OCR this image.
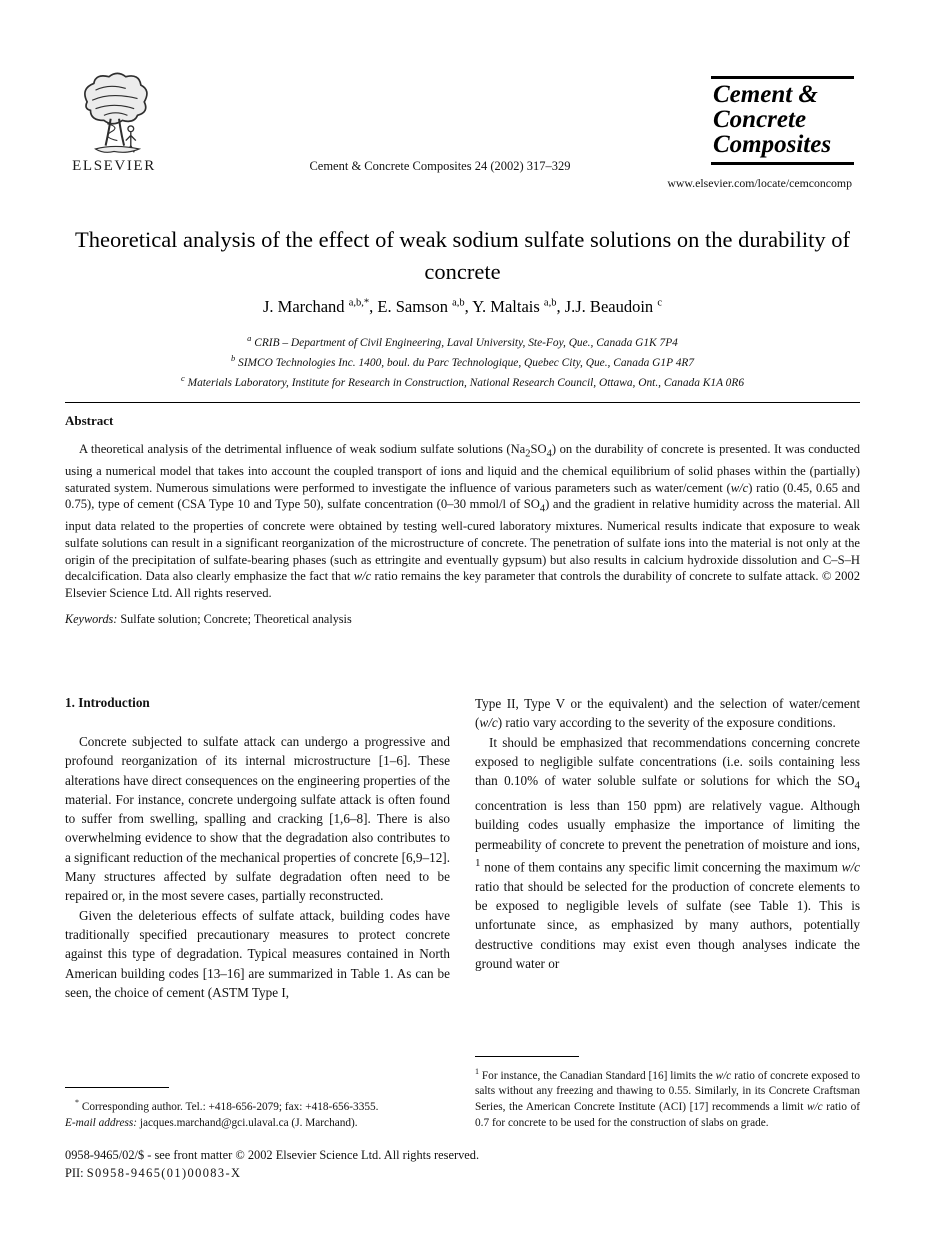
ELSEVIER	Cement & Concrete Composites 24 (2002) 317–329
Cement &
Concrete
Composites
www.elsevier.com/locate/cemconcomp
Theoretical analysis of the effect of weak sodium sulfate solutions on the durability of concrete
J. Marchand $^{a,b,*}$, E. Samson $^{a,b}$, Y. Maltais $^{a,b}$, J.J. Beaudoin $^c$
$^a$ CRIB – Department of Civil Engineering, Laval University, Ste-Foy, Que., Canada G1K 7P4
$^b$ SIMCO Technologies Inc. 1400, boul. du Parc Technologique, Quebec City, Que., Canada G1P 4R7
$^c$ Materials Laboratory, Institute for Research in Construction, National Research Council, Ottawa, Ont., Canada K1A 0R6
Abstract
A theoretical analysis of the detrimental influence of weak sodium sulfate solutions $(Na_2SO_4)$ on the durability of concrete is presented. It was conducted using a numerical model that takes into account the coupled transport of ions and liquid and the chemical equilibrium of solid phases within the (partially) saturated system. Numerous simulations were performed to investigate the influence of various parameters such as water/cement (w/c) ratio (0.45, 0.65 and 0.75), type of cement (CSA Type 10 and Type 50), sulfate concentration (0–30 mmol/l of $SO_4$) and the gradient in relative humidity across the material. All input data related to the properties of concrete were obtained by testing well-cured laboratory mixtures. Numerical results indicate that exposure to weak sulfate solutions can result in a significant reorganization of the microstructure of concrete. The penetration of sulfate ions into the material is not only at the origin of the precipitation of sulfate-bearing phases (such as ettringite and eventually gypsum) but also results in calcium hydroxide dissolution and C–S–H decalcification. Data also clearly emphasize the fact that w/c ratio remains the key parameter that controls the durability of concrete to sulfate attack. © 2002 Elsevier Science Ltd. All rights reserved.
Keywords: Sulfate solution; Concrete; Theoretical analysis
1. Introduction

Concrete subjected to sulfate attack can undergo a progressive and profound reorganization of its internal microstructure [1–6]. These alterations have direct consequences on the engineering properties of the material. For instance, concrete undergoing sulfate attack is often found to suffer from swelling, spalling and cracking [1,6–8]. There is also overwhelming evidence to show that the degradation also contributes to a significant reduction of the mechanical properties of concrete [6,9–12]. Many structures affected by sulfate degradation often need to be repaired or, in the most severe cases, partially reconstructed.

Given the deleterious effects of sulfate attack, building codes have traditionally specified precautionary measures to protect concrete against this type of degradation. Typical measures contained in North American building codes [13–16] are summarized in Table 1. As can be seen, the choice of cement (ASTM Type I,

* Corresponding author. Tel.: +418-656-2079; fax: +418-656-3355.
E-mail address: jacques.marchand@gci.ulaval.ca (J. Marchand).

Type II, Type V or the equivalent) and the selection of water/cement (w/c) ratio vary according to the severity of the exposure conditions.

It should be emphasized that recommendations concerning concrete exposed to negligible sulfate concentrations (i.e. soils containing less than 0.10% of water soluble sulfate or solutions for which the $SO_4$ concentration is less than 150 ppm) are relatively vague. Although building codes usually emphasize the importance of limiting the permeability of concrete to prevent the penetration of moisture and ions, $^1$ none of them contains any specific limit concerning the maximum w/c ratio that should be selected for the production of concrete elements to be exposed to negligible levels of sulfate (see Table 1). This is unfortunate since, as emphasized by many authors, potentially destructive conditions may exist even though analyses indicate the ground water or

$^1$ For instance, the Canadian Standard [16] limits the w/c ratio of concrete exposed to salts without any freezing and thawing to 0.55. Similarly, in its Concrete Craftsman Series, the American Concrete Institute (ACI) [17] recommends a limit w/c ratio of 0.7 for concrete to be used for the construction of slabs on grade.
0958-9465/02/$ - see front matter © 2002 Elsevier Science Ltd. All rights reserved.
PII: S0958-9465(01)00083-X
